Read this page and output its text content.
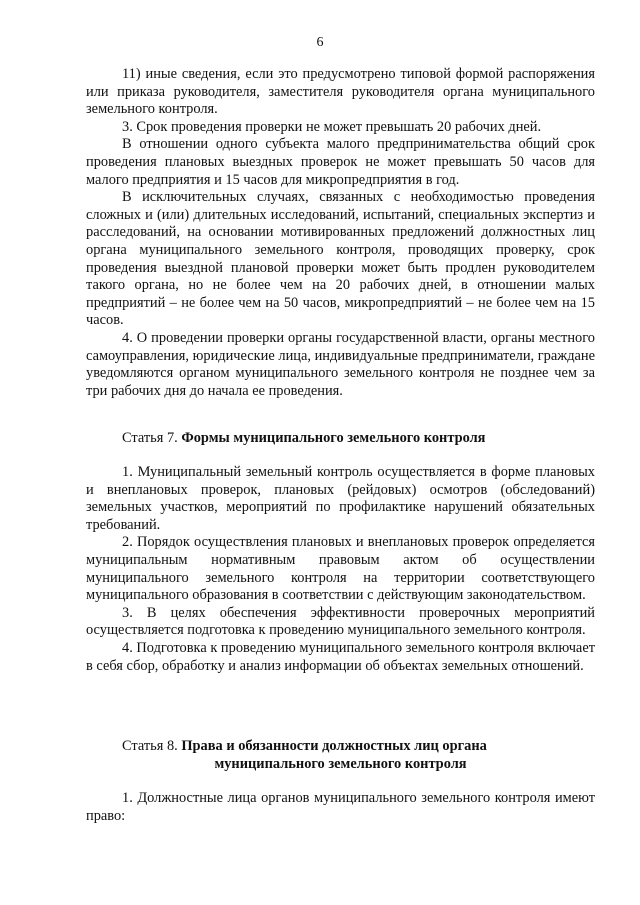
6

11) иные сведения, если это предусмотрено типовой формой распоряжения или приказа руководителя, заместителя руководителя органа муниципального земельного контроля.

3. Срок проведения проверки не может превышать 20 рабочих дней.

В отношении одного субъекта малого предпринимательства общий срок проведения плановых выездных проверок не может превышать 50 часов для малого предприятия и 15 часов для микропредприятия в год.

В исключительных случаях, связанных с необходимостью проведения сложных и (или) длительных исследований, испытаний, специальных экспертиз и расследований, на основании мотивированных предложений должностных лиц органа муниципального земельного контроля, проводящих проверку, срок проведения выездной плановой проверки может быть продлен руководителем такого органа, но не более чем на 20 рабочих дней, в отношении малых предприятий – не более чем на 50 часов, микропредприятий – не более чем на 15 часов.

4. О проведении проверки органы государственной власти, органы местного самоуправления, юридические лица, индивидуальные предприниматели, граждане уведомляются органом муниципального земельного контроля не позднее чем за три рабочих дня до начала ее проведения.

Статья 7. Формы муниципального земельного контроля

1. Муниципальный земельный контроль осуществляется в форме плановых и внеплановых проверок, плановых (рейдовых) осмотров (обследований) земельных участков, мероприятий по профилактике нарушений обязательных требований.

2. Порядок осуществления плановых и внеплановых проверок определяется муниципальным нормативным правовым актом об осуществлении муниципального земельного контроля на территории соответствующего муниципального образования в соответствии с действующим законодательством.

3. В целях обеспечения эффективности проверочных мероприятий осуществляется подготовка к проведению муниципального земельного контроля.

4. Подготовка к проведению муниципального земельного контроля включает в себя сбор, обработку и анализ информации об объектах земельных отношений.

Статья 8. Права и обязанности должностных лиц органа

муниципального земельного контроля

1. Должностные лица органов муниципального земельного контроля имеют право:
